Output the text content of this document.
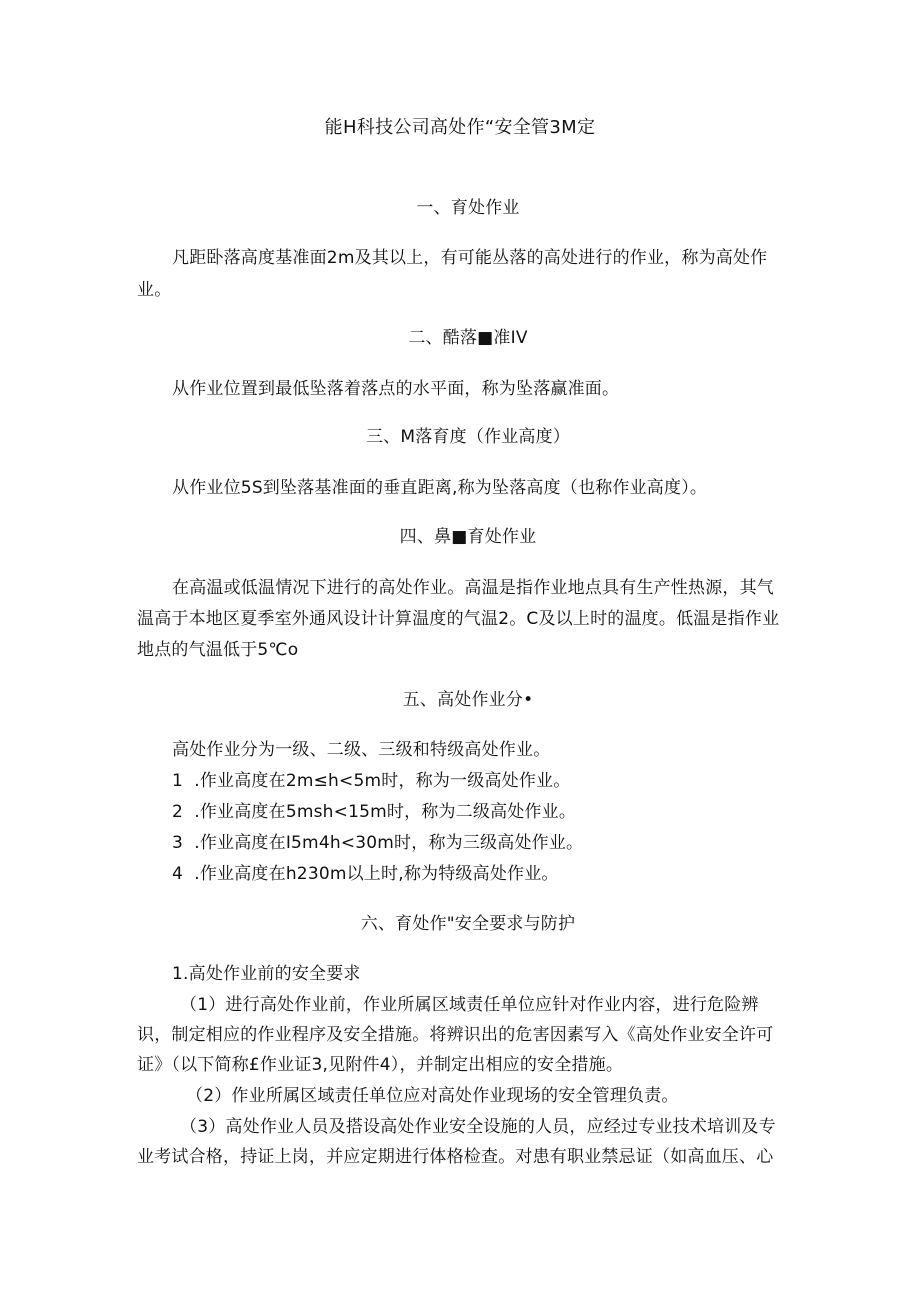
能H科技公司高处作“安全管3M定
一、育处作业
凡距卧落高度基准面2m及其以上，有可能丛落的高处进行的作业，称为高处作
业。
二、酷落■准IV
从作业位置到最低坠落着落点的水平面，称为坠落赢准面。
三、M落育度（作业高度）
从作业位5S到坠落基准面的垂直距离,称为坠落高度（也称作业高度）。
四、鼻■育处作业
在高温或低温情况下进行的高处作业。高温是指作业地点具有生产性热源，其气
温高于本地区夏季室外通风设计计算温度的气温2。C及以上时的温度。低温是指作业
地点的气温低于5℃o
五、高处作业分•
高处作业分为一级、二级、三级和特级高处作业。
1  .作业高度在2m≤h<5m时，称为一级高处作业。
2  .作业高度在5msh<15m时，称为二级高处作业。
3  .作业高度在I5m4h<30m时，称为三级高处作业。
4  .作业高度在h230m以上时,称为特级高处作业。
六、育处作"安全要求与防护
1.高处作业前的安全要求
（1）进行高处作业前，作业所属区域责任单位应针对作业内容，进行危险辨
识，制定相应的作业程序及安全措施。将辨识出的危害因素写入《高处作业安全许可
证》（以下简称£作业证3,见附件4），并制定出相应的安全措施。
（2）作业所属区域责任单位应对高处作业现场的安全管理负责。
（3）高处作业人员及搭设高处作业安全设施的人员，应经过专业技术培训及专
业考试合格，持证上岗，并应定期进行体格检查。对患有职业禁忌证（如高血压、心
